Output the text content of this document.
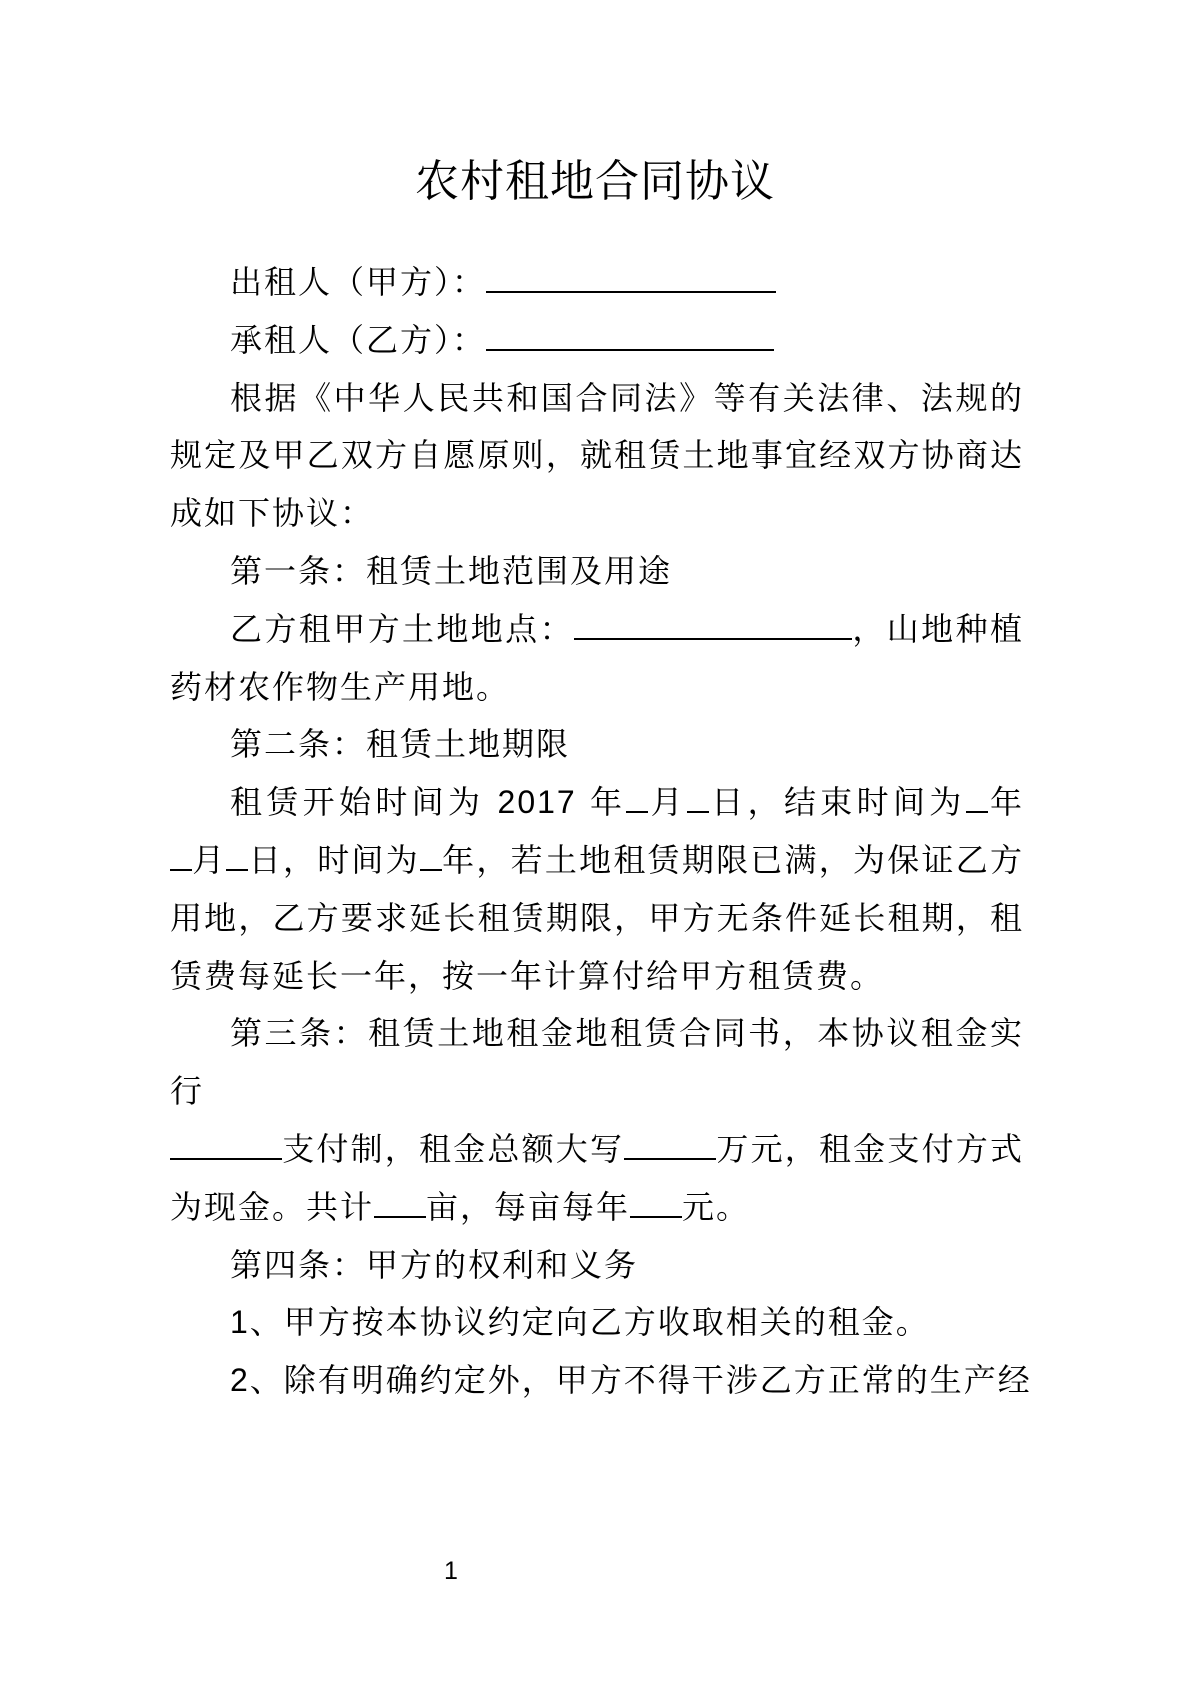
农村租地合同协议

出租人（甲方）：

承租人（乙方）：

根据《中华人民共和国合同法》等有关法律、法规的

规定及甲乙双方自愿原则，就租赁土地事宜经双方协商达

成如下协议：

第一条：租赁土地范围及用途

乙方租甲方土地地点：	，山地种植

药材农作物生产用地。

第二条：租赁土地期限

租赁开始时间为 2017 年 月 日，结束时间为 年

月 日，时间为 年，若土地租赁期限已满，为保证乙方

用地，乙方要求延长租赁期限，甲方无条件延长租期，租

赁费每延长一年，按一年计算付给甲方租赁费。

第三条：租赁土地租金地租赁合同书，本协议租金实

行

支付制，租金总额大写	万元，租金支付方式

为现金。共计 亩，每亩每年 元。

第四条：甲方的权利和义务

1、甲方按本协议约定向乙方收取相关的租金。

2、除有明确约定外，甲方不得干涉乙方正常的生产经

1
